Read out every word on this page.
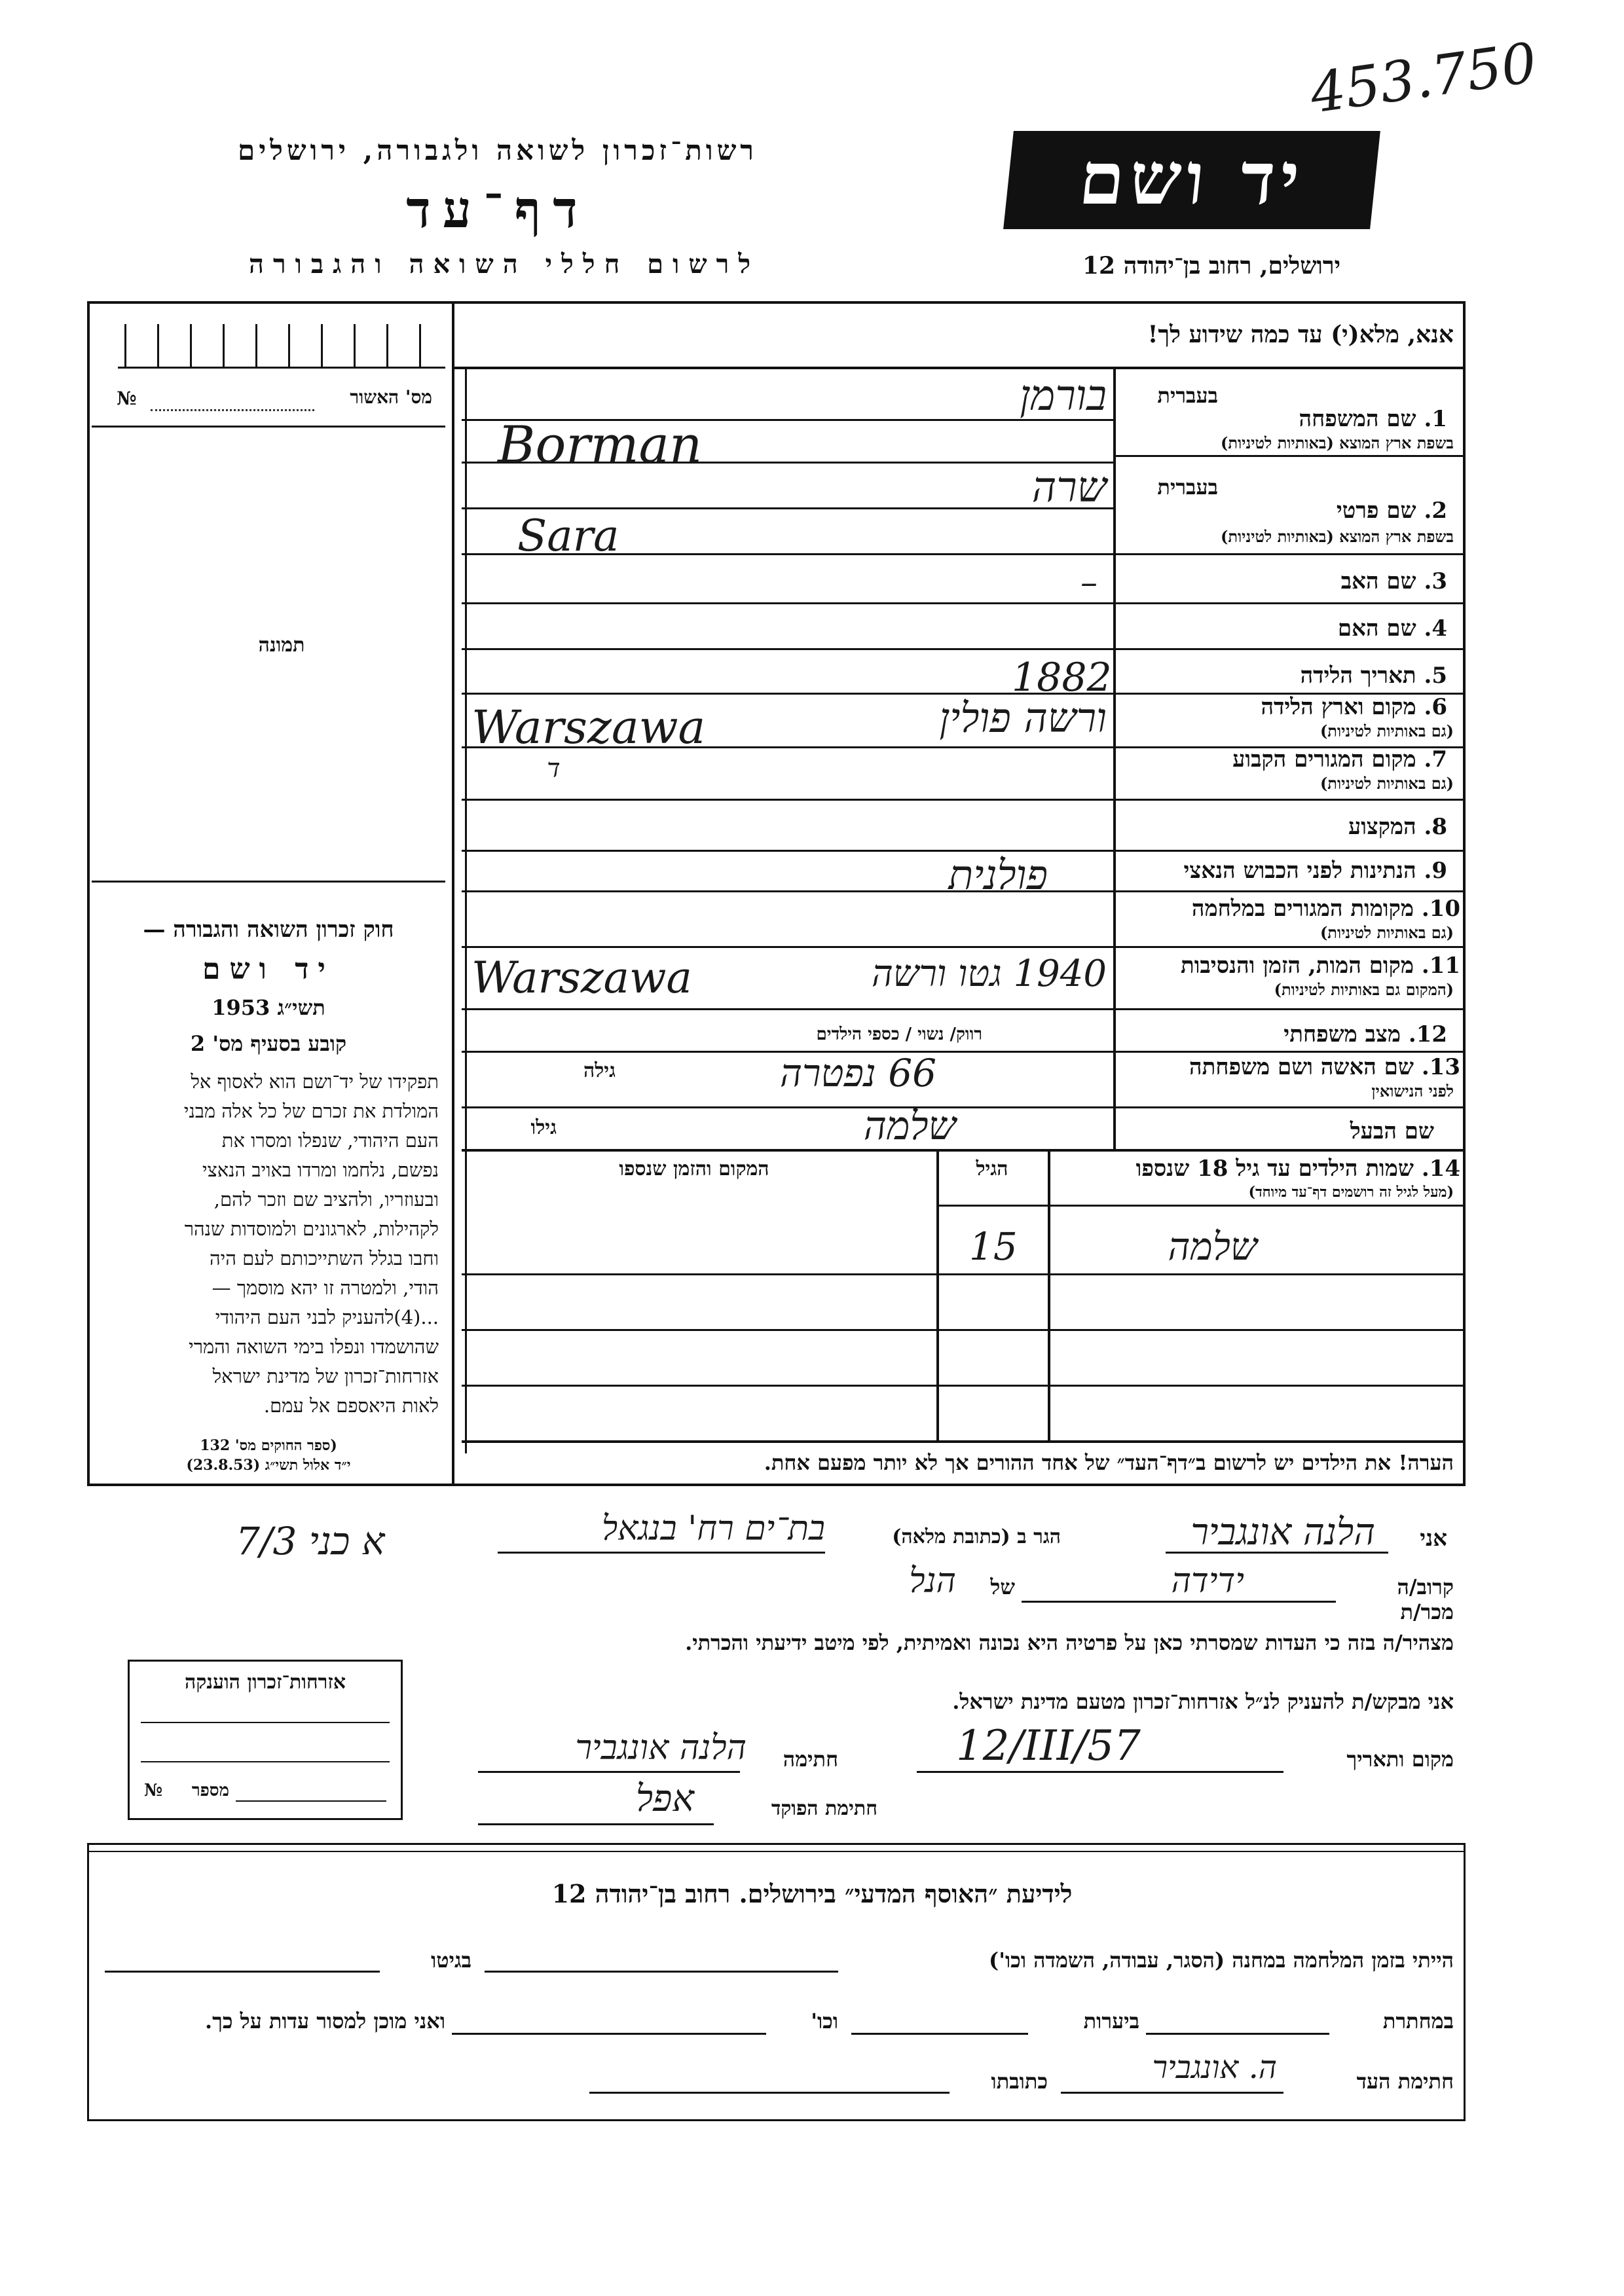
453.750
רשות־זכרון לשואה ולגבורה, ירושלים
דף־עד
לרשום חללי השואה והגבורה
יד ושם
ירושלים, רחוב בן־יהודה 12
מס' האשור
№
תמונה
חוק זכרון השואה והגבורה —
יד ושם
תשי״ג 1953
קובע בסעיף מס' 2
תפקידו של יד־ושם הוא לאסוף אל
המולדת את זכרם של כל אלה מבני
העם היהודי, שנפלו ומסרו את
נפשם, נלחמו ומרדו באויב הנאצי
ובעוזריו, ולהציב שם וזכר להם,
לקהילות, לארגונים ולמוסדות שנהר
וחבו בגלל השתייכותם לעם היה
הודי, ולמטרה זו יהא מוסמך —
...(4)להעניק לבני העם היהודי
שהושמדו ונפלו בימי השואה והמרי
אזרחות־זכרון של מדינת ישראל
לאות היאספם אל עמם.
(ספר החוקים מס' 132
י״ד אלול תשי״ג (23.8.53)
אנא, מלא(י) עד כמה שידוע לך!
בעברית
1. שם המשפחה
בשפת ארץ המוצא (באותיות לטיניות)
בורמן
Borman
בעברית
2. שם פרטי
בשפת ארץ המוצא (באותיות לטיניות)
שרה
Sara
3. שם האב
–
4. שם האם
5. תאריך הלידה
1882
6. מקום וארץ הלידה
(גם באותיות לטיניות)
ורשה פולין
Warszawa
7. מקום המגורים הקבוע
(גם באותיות לטיניות)
ד
8. המקצוע
9. הנתינות לפני הכבוש הנאצי
פולנית
10. מקומות המגורים במלחמה
(גם באותיות לטיניות)
11. מקום המות, הזמן והנסיבות
(המקום גם באותיות לטיניות)
1940 גטו ורשה
Warszawa
12. מצב משפחתי
רווק/ נשוי / כספי הילדים
13. שם האשה ושם משפחתה
לפני הנישואין
גילה	66 נפטרה
שם הבעל
גילו	שלמה
14. שמות הילדים עד גיל 18 שנספו
(מעל לגיל זה רושמים דף־עד מיוחד)
הגיל
המקום והזמן שנספו
שלמה
15
הערה! את הילדים יש לרשום ב״דף־העד״ של אחד ההורים אך לא יותר מפעם אחת.
אני
הלנה אונגביר
הגר ב (כתובת מלאה)
בת־ים רח' בנגאל
7/א כני 3
קרוב/ה מכר/ת
ידידה
של
הנל
מצהיר/ה בזה כי העדות שמסרתי כאן על פרטיה היא נכונה ואמיתית, לפי מיטב ידיעתי והכרתי.
אני מבקש/ת להעניק לנ״ל אזרחות־זכרון מטעם מדינת ישראל.
מקום ותאריך
12/III/57
חתימה
הלנה אונגביר
חתימת הפוקד
אפל
אזרחות־זכרון הוענקה
מספר
№
לידיעת ״האוסף המדעי״ בירושלים. רחוב בן־יהודה 12
הייתי בזמן המלחמה במחנה (הסגר, עבודה, השמדה וכו')
בגיטו
במחתרת
ביערות
וכו'
ואני מוכן למסור עדות על כך.
חתימת העד
ה. אונגביר
כתובתו
